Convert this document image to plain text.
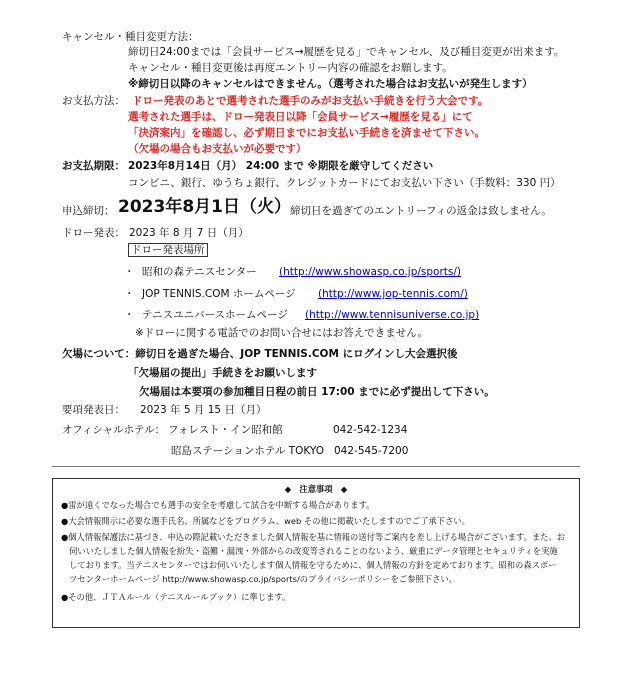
キャンセル・種目変更方法：
締切日24:00までは「会員サービス→履歴を見る」でキャンセル、及び種目変更が出来ます。
キャンセル・種目変更後は再度エントリー内容の確認をお願します。
※締切日以降のキャンセルはできません。（選考された場合はお支払いが発生します）
お支払方法： ドロー発表のあとで選考された選手のみがお支払い手続きを行う大会です。
選考された選手は、ドロー発表日以降「会員サービス→履歴を見る」にて
「決済案内」を確認し、必ず期日までにお支払い手続きを済ませて下さい。
（欠場の場合もお支払いが必要です）
お支払期限： 2023年8月14日（月） 24:00 まで ※期限を厳守してください
コンビニ、銀行、ゆうちょ銀行、クレジットカードにてお支払い下さい（手数料：330 円）
申込締切： 2023年8月1日（火） 締切日を過ぎてのエントリーフィの返金は致しません。
ドロー発表： 2023 年 8 月 7 日（月）
ドロー発表場所
・ 昭和の森テニスセンター (http://www.showasp.co.jp/sports/)
・ JOP TENNIS.COM ホームページ (http://www.jop-tennis.com/)
・ テニスユニバースホームページ (http://www.tennisuniverse.co.jp)
※ドローに関する電話でのお問い合せにはお答えできません。
欠場について：締切日を過ぎた場合、JOP TENNIS.COM にログインし大会選択後
「欠場届の提出」手続きをお願いします
欠場届は本要項の参加種目日程の前日 17:00 までに必ず提出して下さい。
要項発表日： 2023 年 5 月 15 日（月）
オフィシャルホテル： フォレスト・イン昭和館	042-542-1234
昭島ステーションホテル TOKYO 042-545-7200
◆　注意事項　◆
●雷が遠くでなった場合でも選手の安全を考慮して試合を中断する場合があります。
●大会情報開示に必要な選手氏名、所属などをプログラム、web その他に掲載いたしますのでご了承下さい。
●個人情報保護法に基づき、申込の際記載いただきました個人情報を基に情報の送付等ご案内を差し上げる場合がございます。また、お
伺いいたしました個人情報を紛失・盗難・漏洩・外部からの改変等されることのないよう、厳重にデータ管理とセキュリティを実施
しております。当テニスセンターではお伺いいたします個人情報を守るために、個人情報の方針を定めております。昭和の森スポー
ツセンターホームページ http://www.showasp.co.jp/sports/のプライバシーポリシーをご参照下さい。
●その他、ＪＴＡルール（テニスルールブック）に準じます。
